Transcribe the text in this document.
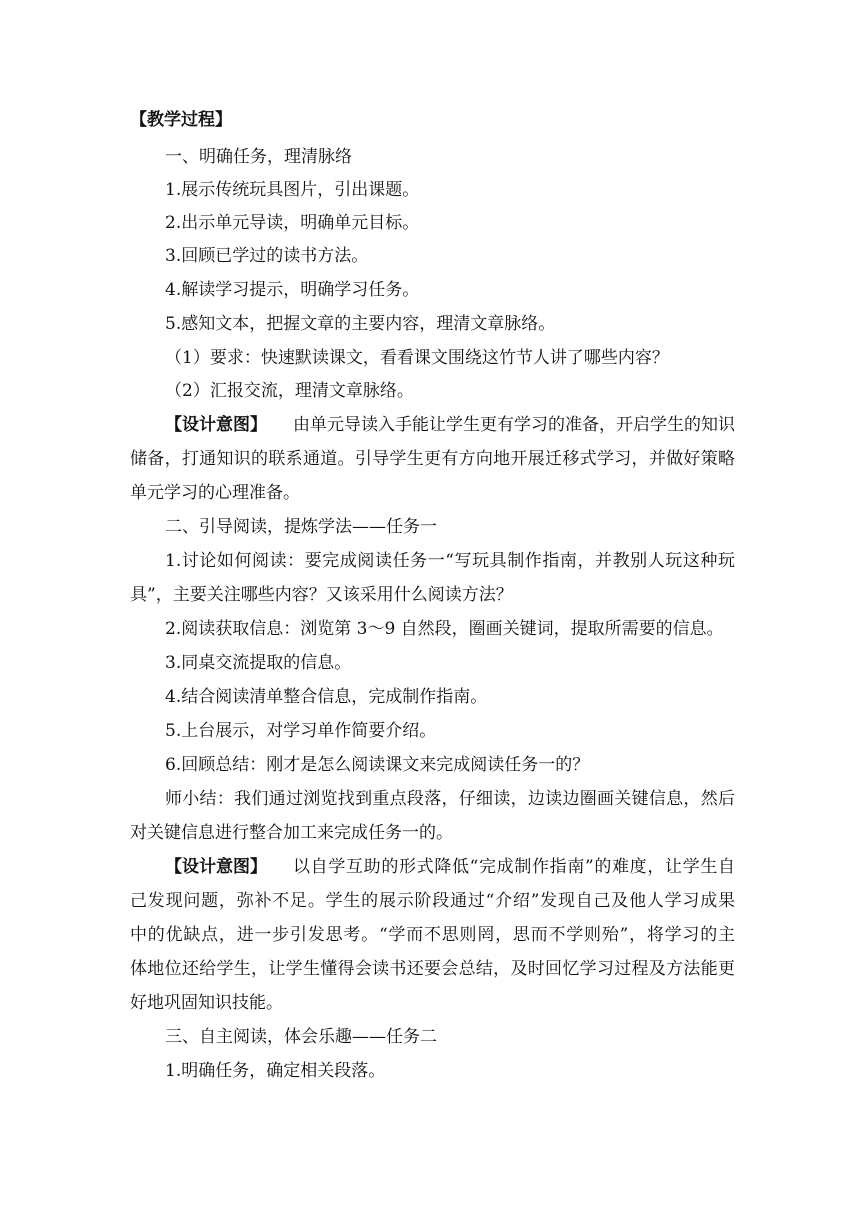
【教学过程】
一、明确任务，理清脉络
1.展示传统玩具图片，引出课题。
2.出示单元导读，明确单元目标。
3.回顾已学过的读书方法。
4.解读学习提示，明确学习任务。
5.感知文本，把握文章的主要内容，理清文章脉络。
（1）要求：快速默读课文，看看课文围绕这竹节人讲了哪些内容？
（2）汇报交流，理清文章脉络。
【设计意图】	由单元导读入手能让学生更有学习的准备，开启学生的知识
储备，打通知识的联系通道。引导学生更有方向地开展迁移式学习，并做好策略
单元学习的心理准备。
二、引导阅读，提炼学法——任务一
1.讨论如何阅读：要完成阅读任务一“写玩具制作指南，并教别人玩这种玩
具”，主要关注哪些内容？又该采用什么阅读方法？
2.阅读获取信息：浏览第 3～9 自然段，圈画关键词，提取所需要的信息。
3.同桌交流提取的信息。
4.结合阅读清单整合信息，完成制作指南。
5.上台展示，对学习单作简要介绍。
6.回顾总结：刚才是怎么阅读课文来完成阅读任务一的？
师小结：我们通过浏览找到重点段落，仔细读，边读边圈画关键信息，然后
对关键信息进行整合加工来完成任务一的。
【设计意图】	以自学互助的形式降低“完成制作指南”的难度，让学生自
己发现问题，弥补不足。学生的展示阶段通过“介绍”发现自己及他人学习成果
中的优缺点，进一步引发思考。“学而不思则罔，思而不学则殆”，将学习的主
体地位还给学生，让学生懂得会读书还要会总结，及时回忆学习过程及方法能更
好地巩固知识技能。
三、自主阅读，体会乐趣——任务二
1.明确任务，确定相关段落。
